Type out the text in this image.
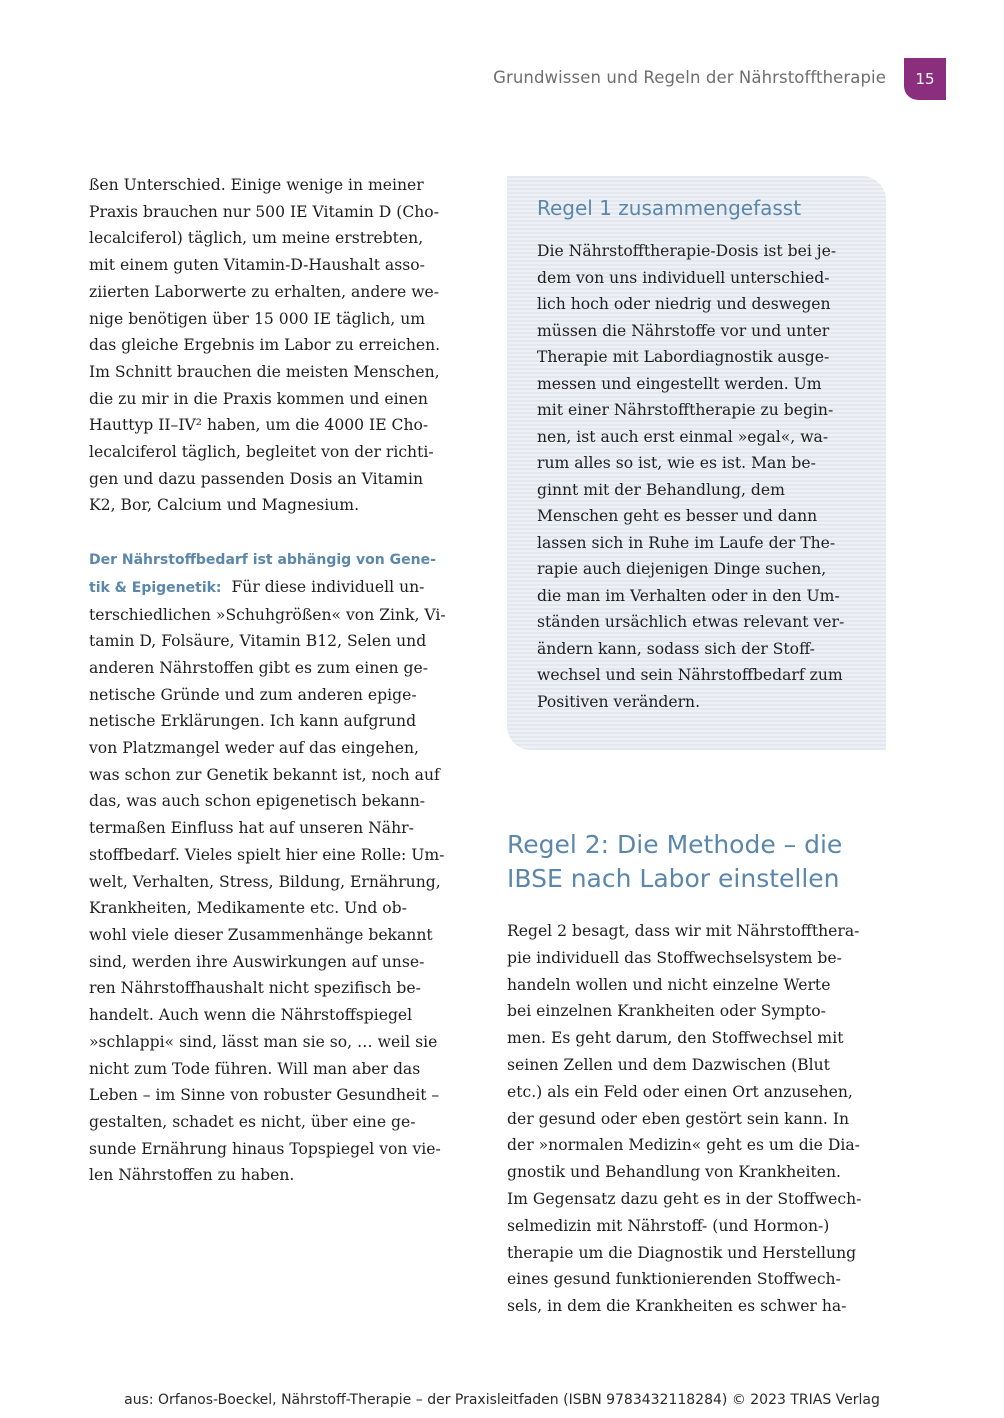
Grundwissen und Regeln der Nährstofftherapie	15

ßen Unterschied. Einige wenige in meiner
Praxis brauchen nur 500 IE Vitamin D (Cho-
lecalciferol) täglich, um meine erstrebten,
mit einem guten Vitamin-D-Haushalt asso-
ziierten Laborwerte zu erhalten, andere we-
nige benötigen über 15 000 IE täglich, um
das gleiche Ergebnis im Labor zu erreichen.
Im Schnitt brauchen die meisten Menschen,
die zu mir in die Praxis kommen und einen
Hauttyp II–IV² haben, um die 4000 IE Cho-
lecalciferol täglich, begleitet von der richti-
gen und dazu passenden Dosis an Vitamin
K2, Bor, Calcium und Magnesium.

Der Nährstoffbedarf ist abhängig von Gene-
tik & Epigenetik: Für diese individuell un-
terschiedlichen »Schuhgrößen« von Zink, Vi-
tamin D, Folsäure, Vitamin B12, Selen und
anderen Nährstoffen gibt es zum einen ge-
netische Gründe und zum anderen epige-
netische Erklärungen. Ich kann aufgrund
von Platzmangel weder auf das eingehen,
was schon zur Genetik bekannt ist, noch auf
das, was auch schon epigenetisch bekann-
termaßen Einfluss hat auf unseren Nähr-
stoffbedarf. Vieles spielt hier eine Rolle: Um-
welt, Verhalten, Stress, Bildung, Ernährung,
Krankheiten, Medikamente etc. Und ob-
wohl viele dieser Zusammenhänge bekannt
sind, werden ihre Auswirkungen auf unse-
ren Nährstoffhaushalt nicht spezifisch be-
handelt. Auch wenn die Nährstoffspiegel
»schlappi« sind, lässt man sie so, … weil sie
nicht zum Tode führen. Will man aber das
Leben – im Sinne von robuster Gesundheit –
gestalten, schadet es nicht, über eine ge-
sunde Ernährung hinaus Topspiegel von vie-
len Nährstoffen zu haben.

Regel 1 zusammengefasst
Die Nährstofftherapie-Dosis ist bei je-
dem von uns individuell unterschied-
lich hoch oder niedrig und deswegen
müssen die Nährstoffe vor und unter
Therapie mit Labordiagnostik ausge-
messen und eingestellt werden. Um
mit einer Nährstofftherapie zu begin-
nen, ist auch erst einmal »egal«, wa-
rum alles so ist, wie es ist. Man be-
ginnt mit der Behandlung, dem
Menschen geht es besser und dann
lassen sich in Ruhe im Laufe der The-
rapie auch diejenigen Dinge suchen,
die man im Verhalten oder in den Um-
ständen ursächlich etwas relevant ver-
ändern kann, sodass sich der Stoff-
wechsel und sein Nährstoffbedarf zum
Positiven verändern.
Regel 2: Die Methode – die
IBSE nach Labor einstellen
Regel 2 besagt, dass wir mit Nährstoffthera-
pie individuell das Stoffwechselsystem be-
handeln wollen und nicht einzelne Werte
bei einzelnen Krankheiten oder Sympto-
men. Es geht darum, den Stoffwechsel mit
seinen Zellen und dem Dazwischen (Blut
etc.) als ein Feld oder einen Ort anzusehen,
der gesund oder eben gestört sein kann. In
der »normalen Medizin« geht es um die Dia-
gnostik und Behandlung von Krankheiten.
Im Gegensatz dazu geht es in der Stoffwech-
selmedizin mit Nährstoff- (und Hormon-)
therapie um die Diagnostik und Herstellung
eines gesund funktionierenden Stoffwech-
sels, in dem die Krankheiten es schwer ha-
aus: Orfanos-Boeckel, Nährstoff-Therapie – der Praxisleitfaden (ISBN 9783432118284) © 2023 TRIAS Verlag
